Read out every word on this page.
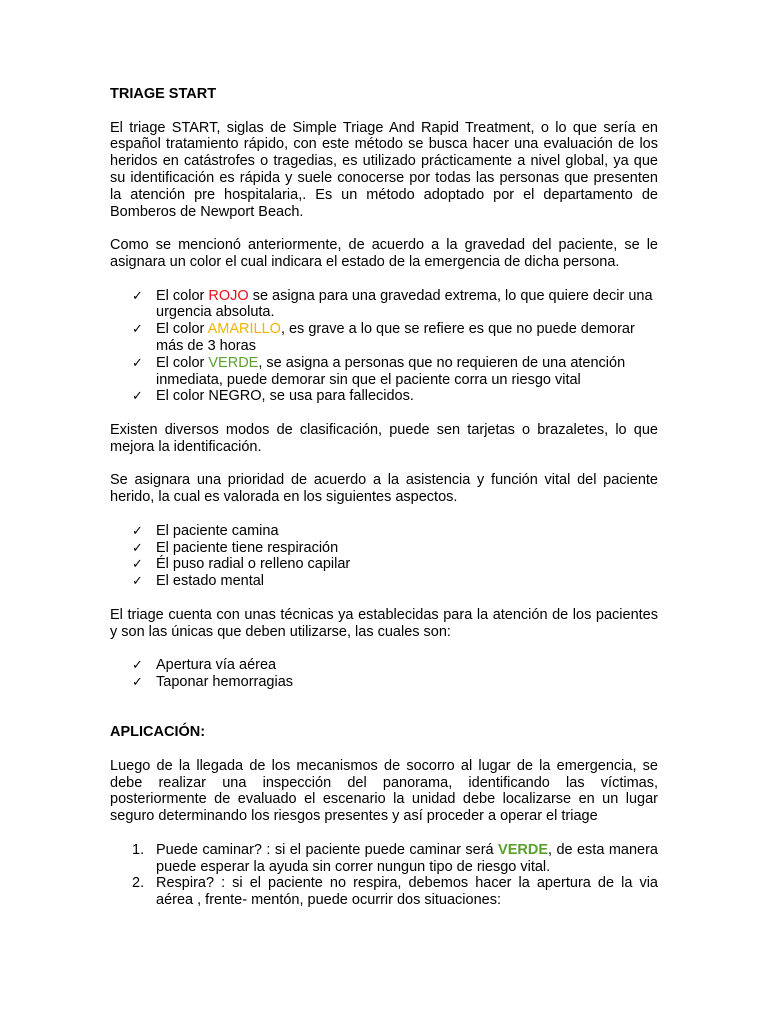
TRIAGE START

El triage START, siglas de Simple Triage And Rapid Treatment, o lo que sería en español tratamiento rápido, con este método se busca hacer una evaluación de los heridos en catástrofes o tragedias, es utilizado prácticamente a nivel global, ya que su identificación es rápida y suele conocerse por todas las personas que presenten la atención pre hospitalaria,. Es un método adoptado por el departamento de Bomberos de Newport Beach.

Como se mencionó anteriormente, de acuerdo a la gravedad del paciente, se le asignara un color el cual indicara el estado de la emergencia de dicha persona.

✓ El color ROJO se asigna para una gravedad extrema, lo que quiere decir una urgencia absoluta.
✓ El color AMARILLO, es grave a lo que se refiere es que no puede demorar más de 3 horas
✓ El color VERDE, se asigna a personas que no requieren de una atención inmediata, puede demorar sin que el paciente corra un riesgo vital
✓ El color NEGRO, se usa para fallecidos.

Existen diversos modos de clasificación, puede sen tarjetas o brazaletes, lo que mejora la identificación.

Se asignara una prioridad de acuerdo a la asistencia y función vital del paciente herido, la cual es valorada en los siguientes aspectos.

✓ El paciente camina
✓ El paciente tiene respiración
✓ Él puso radial o relleno capilar
✓ El estado mental

El triage cuenta con unas técnicas ya establecidas para la atención de los pacientes y son las únicas que deben utilizarse, las cuales son:

✓ Apertura vía aérea
✓ Taponar hemorragias
APLICACIÓN:

Luego de la llegada de los mecanismos de socorro al lugar de la emergencia, se debe realizar una inspección del panorama, identificando las víctimas, posteriormente de evaluado el escenario la unidad debe localizarse en un lugar seguro determinando los riesgos presentes y así proceder a operar el triage

1. Puede caminar? : si el paciente puede caminar será VERDE, de esta manera puede esperar la ayuda sin correr nungun tipo de riesgo vital.
2. Respira? : si el paciente no respira, debemos hacer la apertura de la via aérea , frente- mentón, puede ocurrir dos situaciones:
